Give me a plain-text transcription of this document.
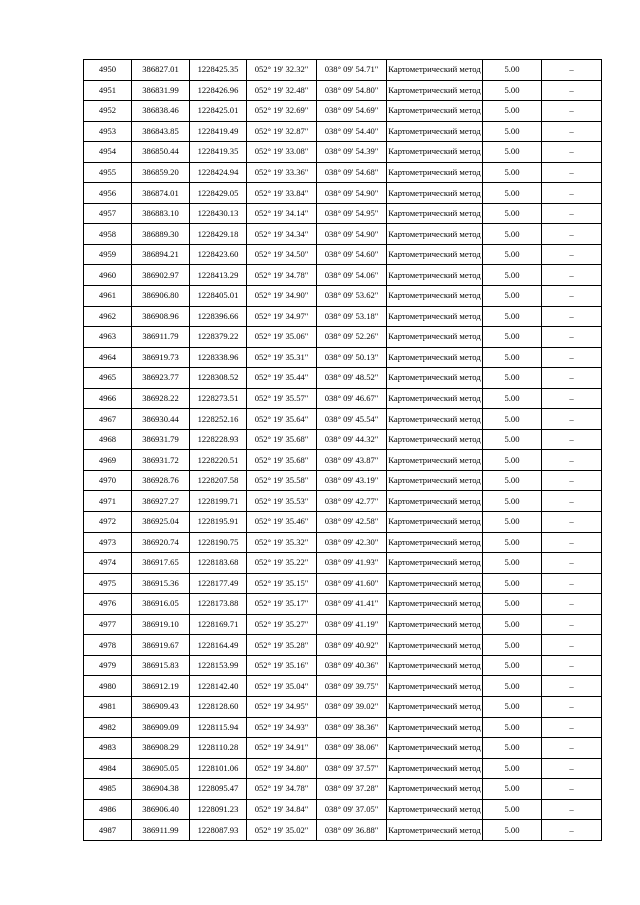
4950	386827.01	1228425.35	052° 19' 32.32"	038° 09' 54.71"	Картометрический метод	5.00	–
4951	386831.99	1228426.96	052° 19' 32.48"	038° 09' 54.80"	Картометрический метод	5.00	–
4952	386838.46	1228425.01	052° 19' 32.69"	038° 09' 54.69"	Картометрический метод	5.00	–
4953	386843.85	1228419.49	052° 19' 32.87"	038° 09' 54.40"	Картометрический метод	5.00	–
4954	386850.44	1228419.35	052° 19' 33.08"	038° 09' 54.39"	Картометрический метод	5.00	–
4955	386859.20	1228424.94	052° 19' 33.36"	038° 09' 54.68"	Картометрический метод	5.00	–
4956	386874.01	1228429.05	052° 19' 33.84"	038° 09' 54.90"	Картометрический метод	5.00	–
4957	386883.10	1228430.13	052° 19' 34.14"	038° 09' 54.95"	Картометрический метод	5.00	–
4958	386889.30	1228429.18	052° 19' 34.34"	038° 09' 54.90"	Картометрический метод	5.00	–
4959	386894.21	1228423.60	052° 19' 34.50"	038° 09' 54.60"	Картометрический метод	5.00	–
4960	386902.97	1228413.29	052° 19' 34.78"	038° 09' 54.06"	Картометрический метод	5.00	–
4961	386906.80	1228405.01	052° 19' 34.90"	038° 09' 53.62"	Картометрический метод	5.00	–
4962	386908.96	1228396.66	052° 19' 34.97"	038° 09' 53.18"	Картометрический метод	5.00	–
4963	386911.79	1228379.22	052° 19' 35.06"	038° 09' 52.26"	Картометрический метод	5.00	–
4964	386919.73	1228338.96	052° 19' 35.31"	038° 09' 50.13"	Картометрический метод	5.00	–
4965	386923.77	1228308.52	052° 19' 35.44"	038° 09' 48.52"	Картометрический метод	5.00	–
4966	386928.22	1228273.51	052° 19' 35.57"	038° 09' 46.67"	Картометрический метод	5.00	–
4967	386930.44	1228252.16	052° 19' 35.64"	038° 09' 45.54"	Картометрический метод	5.00	–
4968	386931.79	1228228.93	052° 19' 35.68"	038° 09' 44.32"	Картометрический метод	5.00	–
4969	386931.72	1228220.51	052° 19' 35.68"	038° 09' 43.87"	Картометрический метод	5.00	–
4970	386928.76	1228207.58	052° 19' 35.58"	038° 09' 43.19"	Картометрический метод	5.00	–
4971	386927.27	1228199.71	052° 19' 35.53"	038° 09' 42.77"	Картометрический метод	5.00	–
4972	386925.04	1228195.91	052° 19' 35.46"	038° 09' 42.58"	Картометрический метод	5.00	–
4973	386920.74	1228190.75	052° 19' 35.32"	038° 09' 42.30"	Картометрический метод	5.00	–
4974	386917.65	1228183.68	052° 19' 35.22"	038° 09' 41.93"	Картометрический метод	5.00	–
4975	386915.36	1228177.49	052° 19' 35.15"	038° 09' 41.60"	Картометрический метод	5.00	–
4976	386916.05	1228173.88	052° 19' 35.17"	038° 09' 41.41"	Картометрический метод	5.00	–
4977	386919.10	1228169.71	052° 19' 35.27"	038° 09' 41.19"	Картометрический метод	5.00	–
4978	386919.67	1228164.49	052° 19' 35.28"	038° 09' 40.92"	Картометрический метод	5.00	–
4979	386915.83	1228153.99	052° 19' 35.16"	038° 09' 40.36"	Картометрический метод	5.00	–
4980	386912.19	1228142.40	052° 19' 35.04"	038° 09' 39.75"	Картометрический метод	5.00	–
4981	386909.43	1228128.60	052° 19' 34.95"	038° 09' 39.02"	Картометрический метод	5.00	–
4982	386909.09	1228115.94	052° 19' 34.93"	038° 09' 38.36"	Картометрический метод	5.00	–
4983	386908.29	1228110.28	052° 19' 34.91"	038° 09' 38.06"	Картометрический метод	5.00	–
4984	386905.05	1228101.06	052° 19' 34.80"	038° 09' 37.57"	Картометрический метод	5.00	–
4985	386904.38	1228095.47	052° 19' 34.78"	038° 09' 37.28"	Картометрический метод	5.00	–
4986	386906.40	1228091.23	052° 19' 34.84"	038° 09' 37.05"	Картометрический метод	5.00	–
4987	386911.99	1228087.93	052° 19' 35.02"	038° 09' 36.88"	Картометрический метод	5.00	–
